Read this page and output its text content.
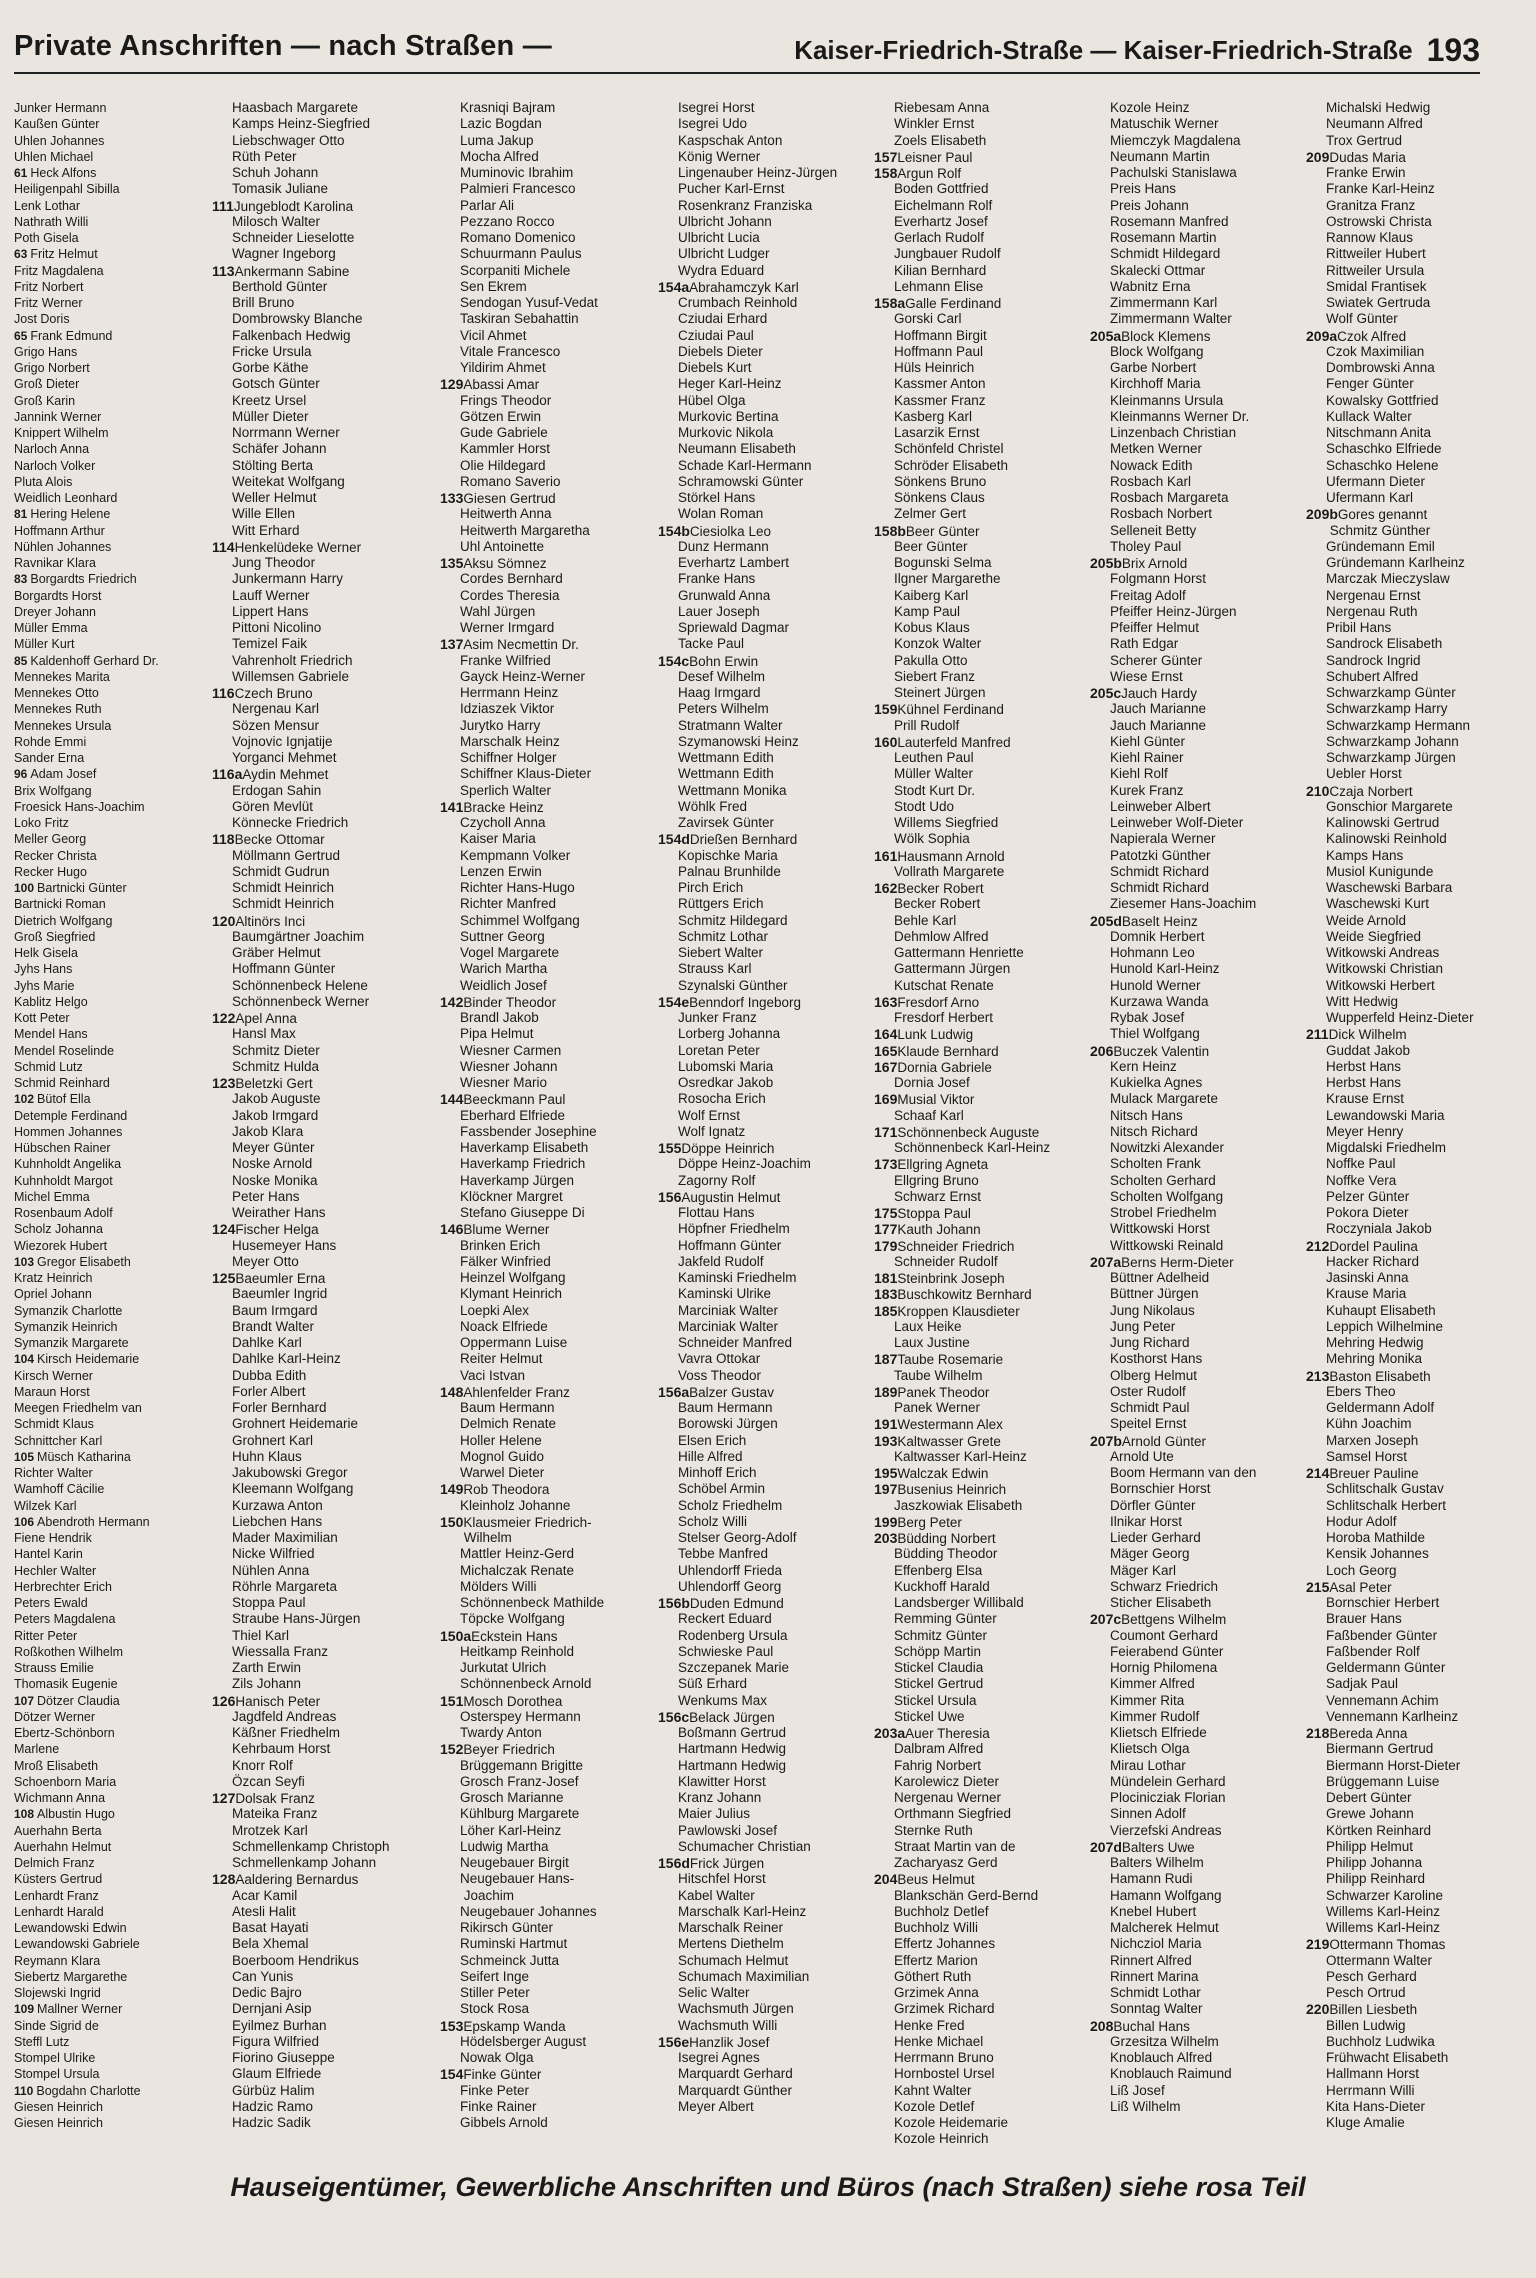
Private Anschriften — nach Straßen —	Kaiser-Friedrich-Straße — Kaiser-Friedrich-Straße 193
Junker Hermann
Kaußen Günter
Uhlen Johannes
Uhlen Michael
61 Heck Alfons
Heiligenpahl Sibilla
Lenk Lothar
Nathrath Willi
Poth Gisela
63 Fritz Helmut
Fritz Magdalena
Fritz Norbert
Fritz Werner
Jost Doris
65 Frank Edmund
Grigo Hans
Grigo Norbert
Groß Dieter
Groß Karin
Jannink Werner
Knippert Wilhelm
Narloch Anna
Narloch Volker
Pluta Alois
Weidlich Leonhard
81 Hering Helene
Hoffmann Arthur
Nühlen Johannes
Ravnikar Klara
83 Borgardts Friedrich
Borgardts Horst
Dreyer Johann
Müller Emma
Müller Kurt
85 Kaldenhoff Gerhard Dr.
Mennekes Marita
Mennekes Otto
Mennekes Ruth
Mennekes Ursula
Rohde Emmi
Sander Erna
96 Adam Josef
Brix Wolfgang
Froesick Hans-Joachim
Loko Fritz
Meller Georg
Recker Christa
Recker Hugo
100 Bartnicki Günter
Bartnicki Roman
Dietrich Wolfgang
Groß Siegfried
Helk Gisela
Jyhs Hans
Jyhs Marie
Kablitz Helgo
Kott Peter
Mendel Hans
Mendel Roselinde
Schmid Lutz
Schmid Reinhard
102 Bütof Ella
Detemple Ferdinand
Hommen Johannes
Hübschen Rainer
Kuhnholdt Angelika
Kuhnholdt Margot
Michel Emma
Rosenbaum Adolf
Scholz Johanna
Wiezorek Hubert
103 Gregor Elisabeth
Kratz Heinrich
Opriel Johann
Symanzik Charlotte
Symanzik Heinrich
Symanzik Margarete
104 Kirsch Heidemarie
Kirsch Werner
Maraun Horst
Meegen Friedhelm van
Schmidt Klaus
Schnittcher Karl
105 Müsch Katharina
Richter Walter
Wamhoff Cäcilie
Wilzek Karl
106 Abendroth Hermann
Fiene Hendrik
Hantel Karin
Hechler Walter
Herbrechter Erich
Peters Ewald
Peters Magdalena
Ritter Peter
Roßkothen Wilhelm
Strauss Emilie
Thomasik Eugenie
107 Dötzer Claudia
Dötzer Werner
Ebertz-Schönborn
Marlene
Mroß Elisabeth
Schoenborn Maria
Wichmann Anna
108 Albustin Hugo
Auerhahn Berta
Auerhahn Helmut
Delmich Franz
Küsters Gertrud
Lenhardt Franz
Lenhardt Harald
Lewandowski Edwin
Lewandowski Gabriele
Reymann Klara
Siebertz Margarethe
Slojewski Ingrid
109 Mallner Werner
Sinde Sigrid de
Steffl Lutz
Stompel Ulrike
Stompel Ursula
110 Bogdahn Charlotte
Giesen Heinrich
Giesen Heinrich
Haasbach Margarete
Kamps Heinz-Siegfried
Liebschwager Otto
Rüth Peter
Schuh Johann
Tomasik Juliane
111Jungeblodt Karolina
Milosch Walter
Schneider Lieselotte
Wagner Ingeborg
113Ankermann Sabine
Berthold Günter
Brill Bruno
Dombrowsky Blanche
Falkenbach Hedwig
Fricke Ursula
Gorbe Käthe
Gotsch Günter
Kreetz Ursel
Müller Dieter
Norrmann Werner
Schäfer Johann
Stölting Berta
Weitekat Wolfgang
Weller Helmut
Wille Ellen
Witt Erhard
114Henkelüdeke Werner
Jung Theodor
Junkermann Harry
Lauff Werner
Lippert Hans
Pittoni Nicolino
Temizel Faik
Vahrenholt Friedrich
Willemsen Gabriele
116Czech Bruno
Nergenau Karl
Sözen Mensur
Vojnovic Ignjatije
Yorganci Mehmet
116aAydin Mehmet
Erdogan Sahin
Gören Mevlüt
Könnecke Friedrich
118Becke Ottomar
Möllmann Gertrud
Schmidt Gudrun
Schmidt Heinrich
Schmidt Heinrich
120Altinörs Inci
Baumgärtner Joachim
Gräber Helmut
Hoffmann Günter
Schönnenbeck Helene
Schönnenbeck Werner
122Apel Anna
Hansl Max
Schmitz Dieter
Schmitz Hulda
123Beletzki Gert
Jakob Auguste
Jakob Irmgard
Jakob Klara
Meyer Günter
Noske Arnold
Noske Monika
Peter Hans
Weirather Hans
124Fischer Helga
Husemeyer Hans
Meyer Otto
125Baeumler Erna
Baeumler Ingrid
Baum Irmgard
Brandt Walter
Dahlke Karl
Dahlke Karl-Heinz
Dubba Edith
Forler Albert
Forler Bernhard
Grohnert Heidemarie
Grohnert Karl
Huhn Klaus
Jakubowski Gregor
Kleemann Wolfgang
Kurzawa Anton
Liebchen Hans
Mader Maximilian
Nicke Wilfried
Nühlen Anna
Röhrle Margareta
Stoppa Paul
Straube Hans-Jürgen
Thiel Karl
Wiessalla Franz
Zarth Erwin
Zils Johann
126Hanisch Peter
Jagdfeld Andreas
Käßner Friedhelm
Kehrbaum Horst
Knorr Rolf
Özcan Seyfi
127Dolsak Franz
Mateika Franz
Mrotzek Karl
Schmellenkamp Christoph
Schmellenkamp Johann
128Aaldering Bernardus
Acar Kamil
Atesli Halit
Basat Hayati
Bela Xhemal
Boerboom Hendrikus
Can Yunis
Dedic Bajro
Dernjani Asip
Eyilmez Burhan
Figura Wilfried
Fiorino Giuseppe
Glaum Elfriede
Gürbüz Halim
Hadzic Ramo
Hadzic Sadik
Krasniqi Bajram
Lazic Bogdan
Luma Jakup
Mocha Alfred
Muminovic Ibrahim
Palmieri Francesco
Parlar Ali
Pezzano Rocco
Romano Domenico
Schuurmann Paulus
Scorpaniti Michele
Sen Ekrem
Sendogan Yusuf-Vedat
Taskiran Sebahattin
Vicil Ahmet
Vitale Francesco
Yildirim Ahmet
129Abassi Amar
Frings Theodor
Götzen Erwin
Gude Gabriele
Kammler Horst
Olie Hildegard
Romano Saverio
133Giesen Gertrud
Heitwerth Anna
Heitwerth Margaretha
Uhl Antoinette
135Aksu Sömnez
Cordes Bernhard
Cordes Theresia
Wahl Jürgen
Werner Irmgard
137Asim Necmettin Dr.
Franke Wilfried
Gayck Heinz-Werner
Herrmann Heinz
Idziaszek Viktor
Jurytko Harry
Marschalk Heinz
Schiffner Holger
Schiffner Klaus-Dieter
Sperlich Walter
141Bracke Heinz
Czycholl Anna
Kaiser Maria
Kempmann Volker
Lenzen Erwin
Richter Hans-Hugo
Richter Manfred
Schimmel Wolfgang
Suttner Georg
Vogel Margarete
Warich Martha
Weidlich Josef
142Binder Theodor
Brandl Jakob
Pipa Helmut
Wiesner Carmen
Wiesner Johann
Wiesner Mario
144Beeckmann Paul
Eberhard Elfriede
Fassbender Josephine
Haverkamp Elisabeth
Haverkamp Friedrich
Haverkamp Jürgen
Klöckner Margret
Stefano Giuseppe Di
146Blume Werner
Brinken Erich
Fälker Winfried
Heinzel Wolfgang
Klymant Heinrich
Loepki Alex
Noack Elfriede
Oppermann Luise
Reiter Helmut
Vaci Istvan
148Ahlenfelder Franz
Baum Hermann
Delmich Renate
Holler Helene
Mognol Guido
Warwel Dieter
149Rob Theodora
Kleinholz Johanne
150Klausmeier Friedrich-
Wilhelm
Mattler Heinz-Gerd
Michalczak Renate
Mölders Willi
Schönnenbeck Mathilde
Töpcke Wolfgang
150aEckstein Hans
Heitkamp Reinhold
Jurkutat Ulrich
Schönnenbeck Arnold
151Mosch Dorothea
Osterspey Hermann
Twardy Anton
152Beyer Friedrich
Brüggemann Brigitte
Grosch Franz-Josef
Grosch Marianne
Kühlburg Margarete
Löher Karl-Heinz
Ludwig Martha
Neugebauer Birgit
Neugebauer Hans-
Joachim
Neugebauer Johannes
Rikirsch Günter
Ruminski Hartmut
Schmeinck Jutta
Seifert Inge
Stiller Peter
Stock Rosa
153Epskamp Wanda
Hödelsberger August
Nowak Olga
154Finke Günter
Finke Peter
Finke Rainer
Gibbels Arnold
Isegrei Horst
Isegrei Udo
Kaspschak Anton
König Werner
Lingenauber Heinz-Jürgen
Pucher Karl-Ernst
Rosenkranz Franziska
Ulbricht Johann
Ulbricht Lucia
Ulbricht Ludger
Wydra Eduard
154aAbrahamczyk Karl
Crumbach Reinhold
Cziudai Erhard
Cziudai Paul
Diebels Dieter
Diebels Kurt
Heger Karl-Heinz
Hübel Olga
Murkovic Bertina
Murkovic Nikola
Neumann Elisabeth
Schade Karl-Hermann
Schramowski Günter
Störkel Hans
Wolan Roman
154bCiesiolka Leo
Dunz Hermann
Everhartz Lambert
Franke Hans
Grunwald Anna
Lauer Joseph
Spriewald Dagmar
Tacke Paul
154cBohn Erwin
Desef Wilhelm
Haag Irmgard
Peters Wilhelm
Stratmann Walter
Szymanowski Heinz
Wettmann Edith
Wettmann Edith
Wettmann Monika
Wöhlk Fred
Zavirsek Günter
154dDrießen Bernhard
Kopischke Maria
Palnau Brunhilde
Pirch Erich
Rüttgers Erich
Schmitz Hildegard
Schmitz Lothar
Siebert Walter
Strauss Karl
Szynalski Günther
154eBenndorf Ingeborg
Junker Franz
Lorberg Johanna
Loretan Peter
Lubomski Maria
Osredkar Jakob
Rosocha Erich
Wolf Ernst
Wolf Ignatz
155Döppe Heinrich
Döppe Heinz-Joachim
Zagorny Rolf
156Augustin Helmut
Flottau Hans
Höpfner Friedhelm
Hoffmann Günter
Jakfeld Rudolf
Kaminski Friedhelm
Kaminski Ulrike
Marciniak Walter
Marciniak Walter
Schneider Manfred
Vavra Ottokar
Voss Theodor
156aBalzer Gustav
Baum Hermann
Borowski Jürgen
Elsen Erich
Hille Alfred
Minhoff Erich
Schöbel Armin
Scholz Friedhelm
Scholz Willi
Stelser Georg-Adolf
Tebbe Manfred
Uhlendorff Frieda
Uhlendorff Georg
156bDuden Edmund
Reckert Eduard
Rodenberg Ursula
Schwieske Paul
Szczepanek Marie
Süß Erhard
Wenkums Max
156cBelack Jürgen
Boßmann Gertrud
Hartmann Hedwig
Hartmann Hedwig
Klawitter Horst
Kranz Johann
Maier Julius
Pawlowski Josef
Schumacher Christian
156dFrick Jürgen
Hitschfel Horst
Kabel Walter
Marschalk Karl-Heinz
Marschalk Reiner
Mertens Diethelm
Schumach Helmut
Schumach Maximilian
Selic Walter
Wachsmuth Jürgen
Wachsmuth Willi
156eHanzlik Josef
Isegrei Agnes
Marquardt Gerhard
Marquardt Günther
Meyer Albert
Riebesam Anna
Winkler Ernst
Zoels Elisabeth
157Leisner Paul
158Argun Rolf
Boden Gottfried
Eichelmann Rolf
Everhartz Josef
Gerlach Rudolf
Jungbauer Rudolf
Kilian Bernhard
Lehmann Elise
158aGalle Ferdinand
Gorski Carl
Hoffmann Birgit
Hoffmann Paul
Hüls Heinrich
Kassmer Anton
Kassmer Franz
Kasberg Karl
Lasarzik Ernst
Schönfeld Christel
Schröder Elisabeth
Sönkens Bruno
Sönkens Claus
Zelmer Gert
158bBeer Günter
Beer Günter
Bogunski Selma
Ilgner Margarethe
Kaiberg Karl
Kamp Paul
Kobus Klaus
Konzok Walter
Pakulla Otto
Siebert Franz
Steinert Jürgen
159Kühnel Ferdinand
Prill Rudolf
160Lauterfeld Manfred
Leuthen Paul
Müller Walter
Stodt Kurt Dr.
Stodt Udo
Willems Siegfried
Wölk Sophia
161Hausmann Arnold
Vollrath Margarete
162Becker Robert
Becker Robert
Behle Karl
Dehmlow Alfred
Gattermann Henriette
Gattermann Jürgen
Kutschat Renate
163Fresdorf Arno
Fresdorf Herbert
164Lunk Ludwig
165Klaude Bernhard
167Dornia Gabriele
Dornia Josef
169Musial Viktor
Schaaf Karl
171Schönnenbeck Auguste
Schönnenbeck Karl-Heinz
173Ellgring Agneta
Ellgring Bruno
Schwarz Ernst
175Stoppa Paul
177Kauth Johann
179Schneider Friedrich
Schneider Rudolf
181Steinbrink Joseph
183Buschkowitz Bernhard
185Kroppen Klausdieter
Laux Heike
Laux Justine
187Taube Rosemarie
Taube Wilhelm
189Panek Theodor
Panek Werner
191Westermann Alex
193Kaltwasser Grete
Kaltwasser Karl-Heinz
195Walczak Edwin
197Busenius Heinrich
Jaszkowiak Elisabeth
199Berg Peter
203Büdding Norbert
Büdding Theodor
Effenberg Elsa
Kuckhoff Harald
Landsberger Willibald
Remming Günter
Schmitz Günter
Schöpp Martin
Stickel Claudia
Stickel Gertrud
Stickel Ursula
Stickel Uwe
203aAuer Theresia
Dalbram Alfred
Fahrig Norbert
Karolewicz Dieter
Nergenau Werner
Orthmann Siegfried
Sternke Ruth
Straat Martin van de
Zacharyasz Gerd
204Beus Helmut
Blankschän Gerd-Bernd
Buchholz Detlef
Buchholz Willi
Effertz Johannes
Effertz Marion
Göthert Ruth
Grzimek Anna
Grzimek Richard
Henke Fred
Henke Michael
Herrmann Bruno
Hornbostel Ursel
Kahnt Walter
Kozole Detlef
Kozole Heidemarie
Kozole Heinrich
Kozole Heinz
Matuschik Werner
Miemczyk Magdalena
Neumann Martin
Pachulski Stanislawa
Preis Hans
Preis Johann
Rosemann Manfred
Rosemann Martin
Schmidt Hildegard
Skalecki Ottmar
Wabnitz Erna
Zimmermann Karl
Zimmermann Walter
205aBlock Klemens
Block Wolfgang
Garbe Norbert
Kirchhoff Maria
Kleinmanns Ursula
Kleinmanns Werner Dr.
Linzenbach Christian
Metken Werner
Nowack Edith
Rosbach Karl
Rosbach Margareta
Rosbach Norbert
Selleneit Betty
Tholey Paul
205bBrix Arnold
Folgmann Horst
Freitag Adolf
Pfeiffer Heinz-Jürgen
Pfeiffer Helmut
Rath Edgar
Scherer Günter
Wiese Ernst
205cJauch Hardy
Jauch Marianne
Jauch Marianne
Kiehl Günter
Kiehl Rainer
Kiehl Rolf
Kurek Franz
Leinweber Albert
Leinweber Wolf-Dieter
Napierala Werner
Patotzki Günther
Schmidt Richard
Schmidt Richard
Ziesemer Hans-Joachim
205dBaselt Heinz
Domnik Herbert
Hohmann Leo
Hunold Karl-Heinz
Hunold Werner
Kurzawa Wanda
Rybak Josef
Thiel Wolfgang
206Buczek Valentin
Kern Heinz
Kukielka Agnes
Mulack Margarete
Nitsch Hans
Nitsch Richard
Nowitzki Alexander
Scholten Frank
Scholten Gerhard
Scholten Wolfgang
Strobel Friedhelm
Wittkowski Horst
Wittkowski Reinald
207aBerns Herm-Dieter
Büttner Adelheid
Büttner Jürgen
Jung Nikolaus
Jung Peter
Jung Richard
Kosthorst Hans
Olberg Helmut
Oster Rudolf
Schmidt Paul
Speitel Ernst
207bArnold Günter
Arnold Ute
Boom Hermann van den
Bornschier Horst
Dörfler Günter
Ilnikar Horst
Lieder Gerhard
Mäger Georg
Mäger Karl
Schwarz Friedrich
Sticher Elisabeth
207cBettgens Wilhelm
Coumont Gerhard
Feierabend Günter
Hornig Philomena
Kimmer Alfred
Kimmer Rita
Kimmer Rudolf
Klietsch Elfriede
Klietsch Olga
Mirau Lothar
Mündelein Gerhard
Plocinicziak Florian
Sinnen Adolf
Vierzefski Andreas
207dBalters Uwe
Balters Wilhelm
Hamann Rudi
Hamann Wolfgang
Knebel Hubert
Malcherek Helmut
Nichcziol Maria
Rinnert Alfred
Rinnert Marina
Schmidt Lothar
Sonntag Walter
208Buchal Hans
Grzesitza Wilhelm
Knoblauch Alfred
Knoblauch Raimund
Liß Josef
Liß Wilhelm
Michalski Hedwig
Neumann Alfred
Trox Gertrud
209Dudas Maria
Franke Erwin
Franke Karl-Heinz
Granitza Franz
Ostrowski Christa
Rannow Klaus
Rittweiler Hubert
Rittweiler Ursula
Smidal Frantisek
Swiatek Gertruda
Wolf Günter
209aCzok Alfred
Czok Maximilian
Dombrowski Anna
Fenger Günter
Kowalsky Gottfried
Kullack Walter
Nitschmann Anita
Schaschko Elfriede
Schaschko Helene
Ufermann Dieter
Ufermann Karl
209bGores genannt
Schmitz Günther
Gründemann Emil
Gründemann Karlheinz
Marczak Mieczyslaw
Nergenau Ernst
Nergenau Ruth
Pribil Hans
Sandrock Elisabeth
Sandrock Ingrid
Schubert Alfred
Schwarzkamp Günter
Schwarzkamp Harry
Schwarzkamp Hermann
Schwarzkamp Johann
Schwarzkamp Jürgen
Uebler Horst
210Czaja Norbert
Gonschior Margarete
Kalinowski Gertrud
Kalinowski Reinhold
Kamps Hans
Musiol Kunigunde
Waschewski Barbara
Waschewski Kurt
Weide Arnold
Weide Siegfried
Witkowski Andreas
Witkowski Christian
Witkowski Herbert
Witt Hedwig
Wupperfeld Heinz-Dieter
211Dick Wilhelm
Guddat Jakob
Herbst Hans
Herbst Hans
Krause Ernst
Lewandowski Maria
Meyer Henry
Migdalski Friedhelm
Noffke Paul
Noffke Vera
Pelzer Günter
Pokora Dieter
Roczyniala Jakob
212Dordel Paulina
Hacker Richard
Jasinski Anna
Krause Maria
Kuhaupt Elisabeth
Leppich Wilhelmine
Mehring Hedwig
Mehring Monika
213Baston Elisabeth
Ebers Theo
Geldermann Adolf
Kühn Joachim
Marxen Joseph
Samsel Horst
214Breuer Pauline
Schlitschalk Gustav
Schlitschalk Herbert
Hodur Adolf
Horoba Mathilde
Kensik Johannes
Loch Georg
215Asal Peter
Bornschier Herbert
Brauer Hans
Faßbender Günter
Faßbender Rolf
Geldermann Günter
Sadjak Paul
Vennemann Achim
Vennemann Karlheinz
218Bereda Anna
Biermann Gertrud
Biermann Horst-Dieter
Brüggemann Luise
Debert Günter
Grewe Johann
Körtken Reinhard
Philipp Helmut
Philipp Johanna
Philipp Reinhard
Schwarzer Karoline
Willems Karl-Heinz
Willems Karl-Heinz
219Ottermann Thomas
Ottermann Walter
Pesch Gerhard
Pesch Ortrud
220Billen Liesbeth
Billen Ludwig
Buchholz Ludwika
Frühwacht Elisabeth
Hallmann Horst
Herrmann Willi
Kita Hans-Dieter
Kluge Amalie
Hauseigentümer, Gewerbliche Anschriften und Büros (nach Straßen) siehe rosa Teil
